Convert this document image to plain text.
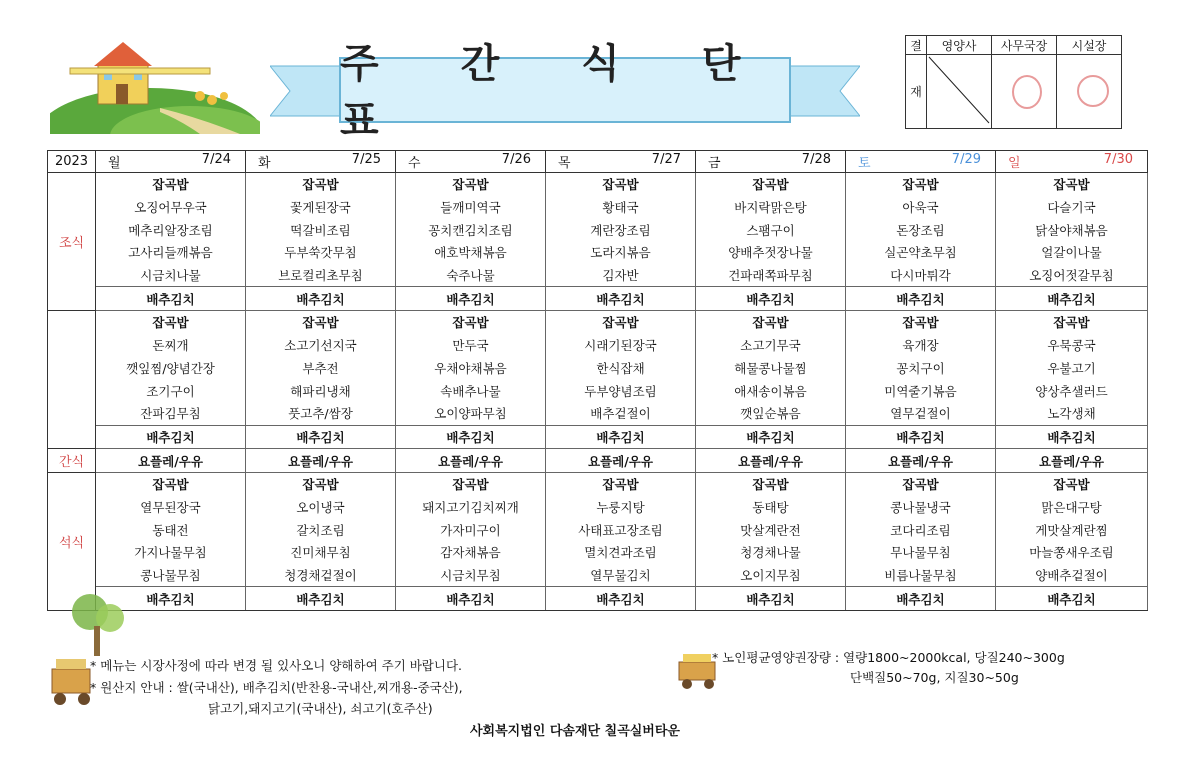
주 간 식 단 표
결	영양사	사무국장	시설장
재		

2023	월 7/24	화 7/25	수 7/26	목 7/27	금 7/28	토 7/29	일 7/30

조식	잡곡밥	잡곡밥	잡곡밥	잡곡밥	잡곡밥	잡곡밥	잡곡밥
	오징어무우국	꽃게된장국	들깨미역국	황태국	바지락맑은탕	아욱국	다슬기국
	메추리알장조림	떡갈비조림	꽁치캔김치조림	계란장조림	스팸구이	돈장조림	닭살야채볶음
	고사리들깨볶음	두부쑥갓무침	애호박채볶음	도라지볶음	양배추젓장나물	실곤약초무침	얼갈이나물
	시금치나물	브로컬리초무침	숙주나물	김자반	건파래쪽파무침	다시마튀각	오징어젓갈무침
	배추김치	배추김치	배추김치	배추김치	배추김치	배추김치	배추김치
	잡곡밥	잡곡밥	잡곡밥	잡곡밥	잡곡밥	잡곡밥	잡곡밥
	돈찌개	소고기선지국	만두국	시래기된장국	소고기무국	육개장	우묵콩국
	깻잎찜/양념간장	부추전	우채야채볶음	한식잡채	해물콩나물찜	꽁치구이	우불고기
	조기구이	해파리냉채	속배추나물	두부양념조림	애새송이볶음	미역줄기볶음	양상추샐러드
	잔파김무침	풋고추/쌈장	오이양파무침	배추겉절이	깻잎순볶음	열무겉절이	노각생채
	배추김치	배추김치	배추김치	배추김치	배추김치	배추김치	배추김치
간식	요플레/우유	요플레/우유	요플레/우유	요플레/우유	요플레/우유	요플레/우유	요플레/우유
석식	잡곡밥	잡곡밥	잡곡밥	잡곡밥	잡곡밥	잡곡밥	잡곡밥
	열무된장국	오이냉국	돼지고기김치찌개	누룽지탕	동태탕	콩나물냉국	맑은대구탕
	동태전	갈치조림	가자미구이	사태표고장조림	맛살계란전	코다리조림	게맛살계란찜
	가지나물무침	진미채무침	감자채볶음	멸치견과조림	청경채나물	무나물무침	마늘쫑새우조림
	콩나물무침	청경채겉절이	시금치무침	열무물김치	오이지무침	비름나물무침	양배추겉절이
	배추김치	배추김치	배추김치	배추김치	배추김치	배추김치	배추김치
* 메뉴는 시장사정에 따라 변경 될 있사오니 양해하여 주기 바랍니다.
* 원산지 안내 : 쌀(국내산), 배추김치(반찬용-국내산,찌개용-중국산),
닭고기,돼지고기(국내산), 쇠고기(호주산)
* 노인평균영양권장량 : 열량1800~2000kcal, 당질240~300g
단백질50~70g, 지질30~50g
사회복지법인 다솜재단 칠곡실버타운
